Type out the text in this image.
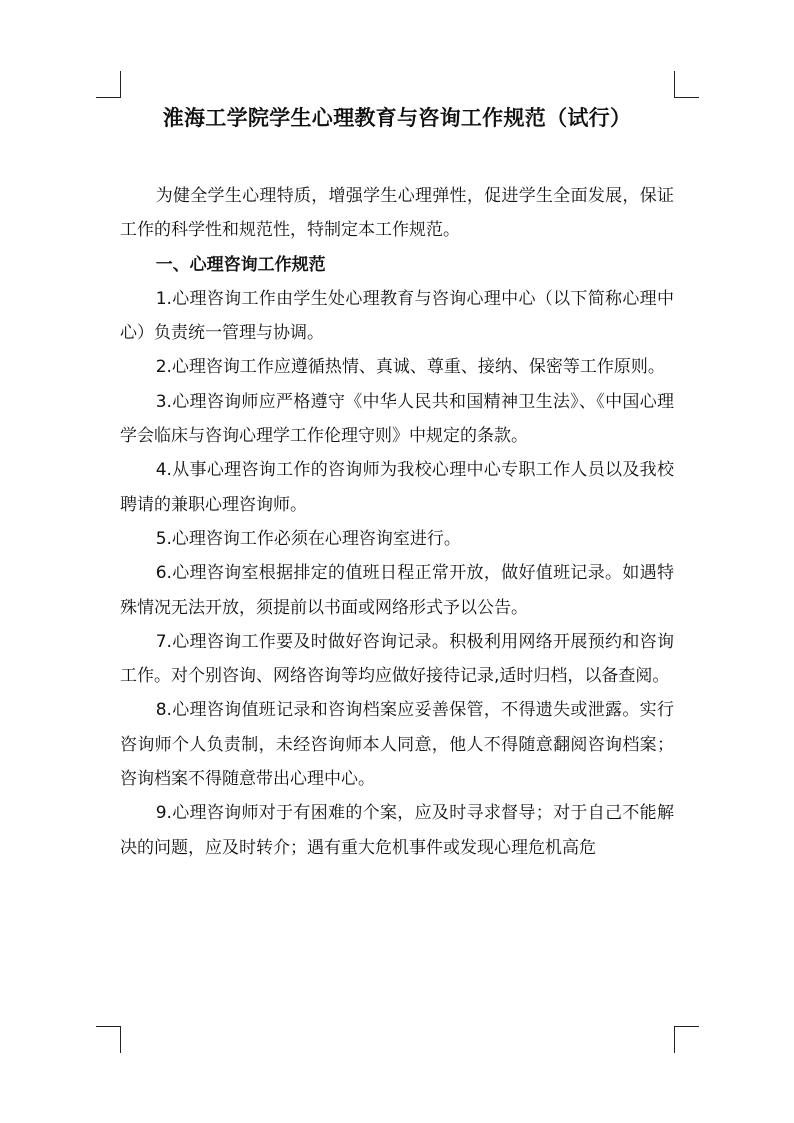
淮海工学院学生心理教育与咨询工作规范（试行）

为健全学生心理特质，增强学生心理弹性，促进学生全面发展，保证工作的科学性和规范性，特制定本工作规范。

一、心理咨询工作规范

1.心理咨询工作由学生处心理教育与咨询心理中心（以下简称心理中心）负责统一管理与协调。

2.心理咨询工作应遵循热情、真诚、尊重、接纳、保密等工作原则。

3.心理咨询师应严格遵守《中华人民共和国精神卫生法》、《中国心理学会临床与咨询心理学工作伦理守则》中规定的条款。

4.从事心理咨询工作的咨询师为我校心理中心专职工作人员以及我校聘请的兼职心理咨询师。

5.心理咨询工作必须在心理咨询室进行。

6.心理咨询室根据排定的值班日程正常开放，做好值班记录。如遇特殊情况无法开放，须提前以书面或网络形式予以公告。

7.心理咨询工作要及时做好咨询记录。积极利用网络开展预约和咨询工作。对个别咨询、网络咨询等均应做好接待记录,适时归档，以备查阅。

8.心理咨询值班记录和咨询档案应妥善保管，不得遗失或泄露。实行咨询师个人负责制，未经咨询师本人同意，他人不得随意翻阅咨询档案；咨询档案不得随意带出心理中心。

9.心理咨询师对于有困难的个案，应及时寻求督导；对于自己不能解决的问题，应及时转介；遇有重大危机事件或发现心理危机高危
